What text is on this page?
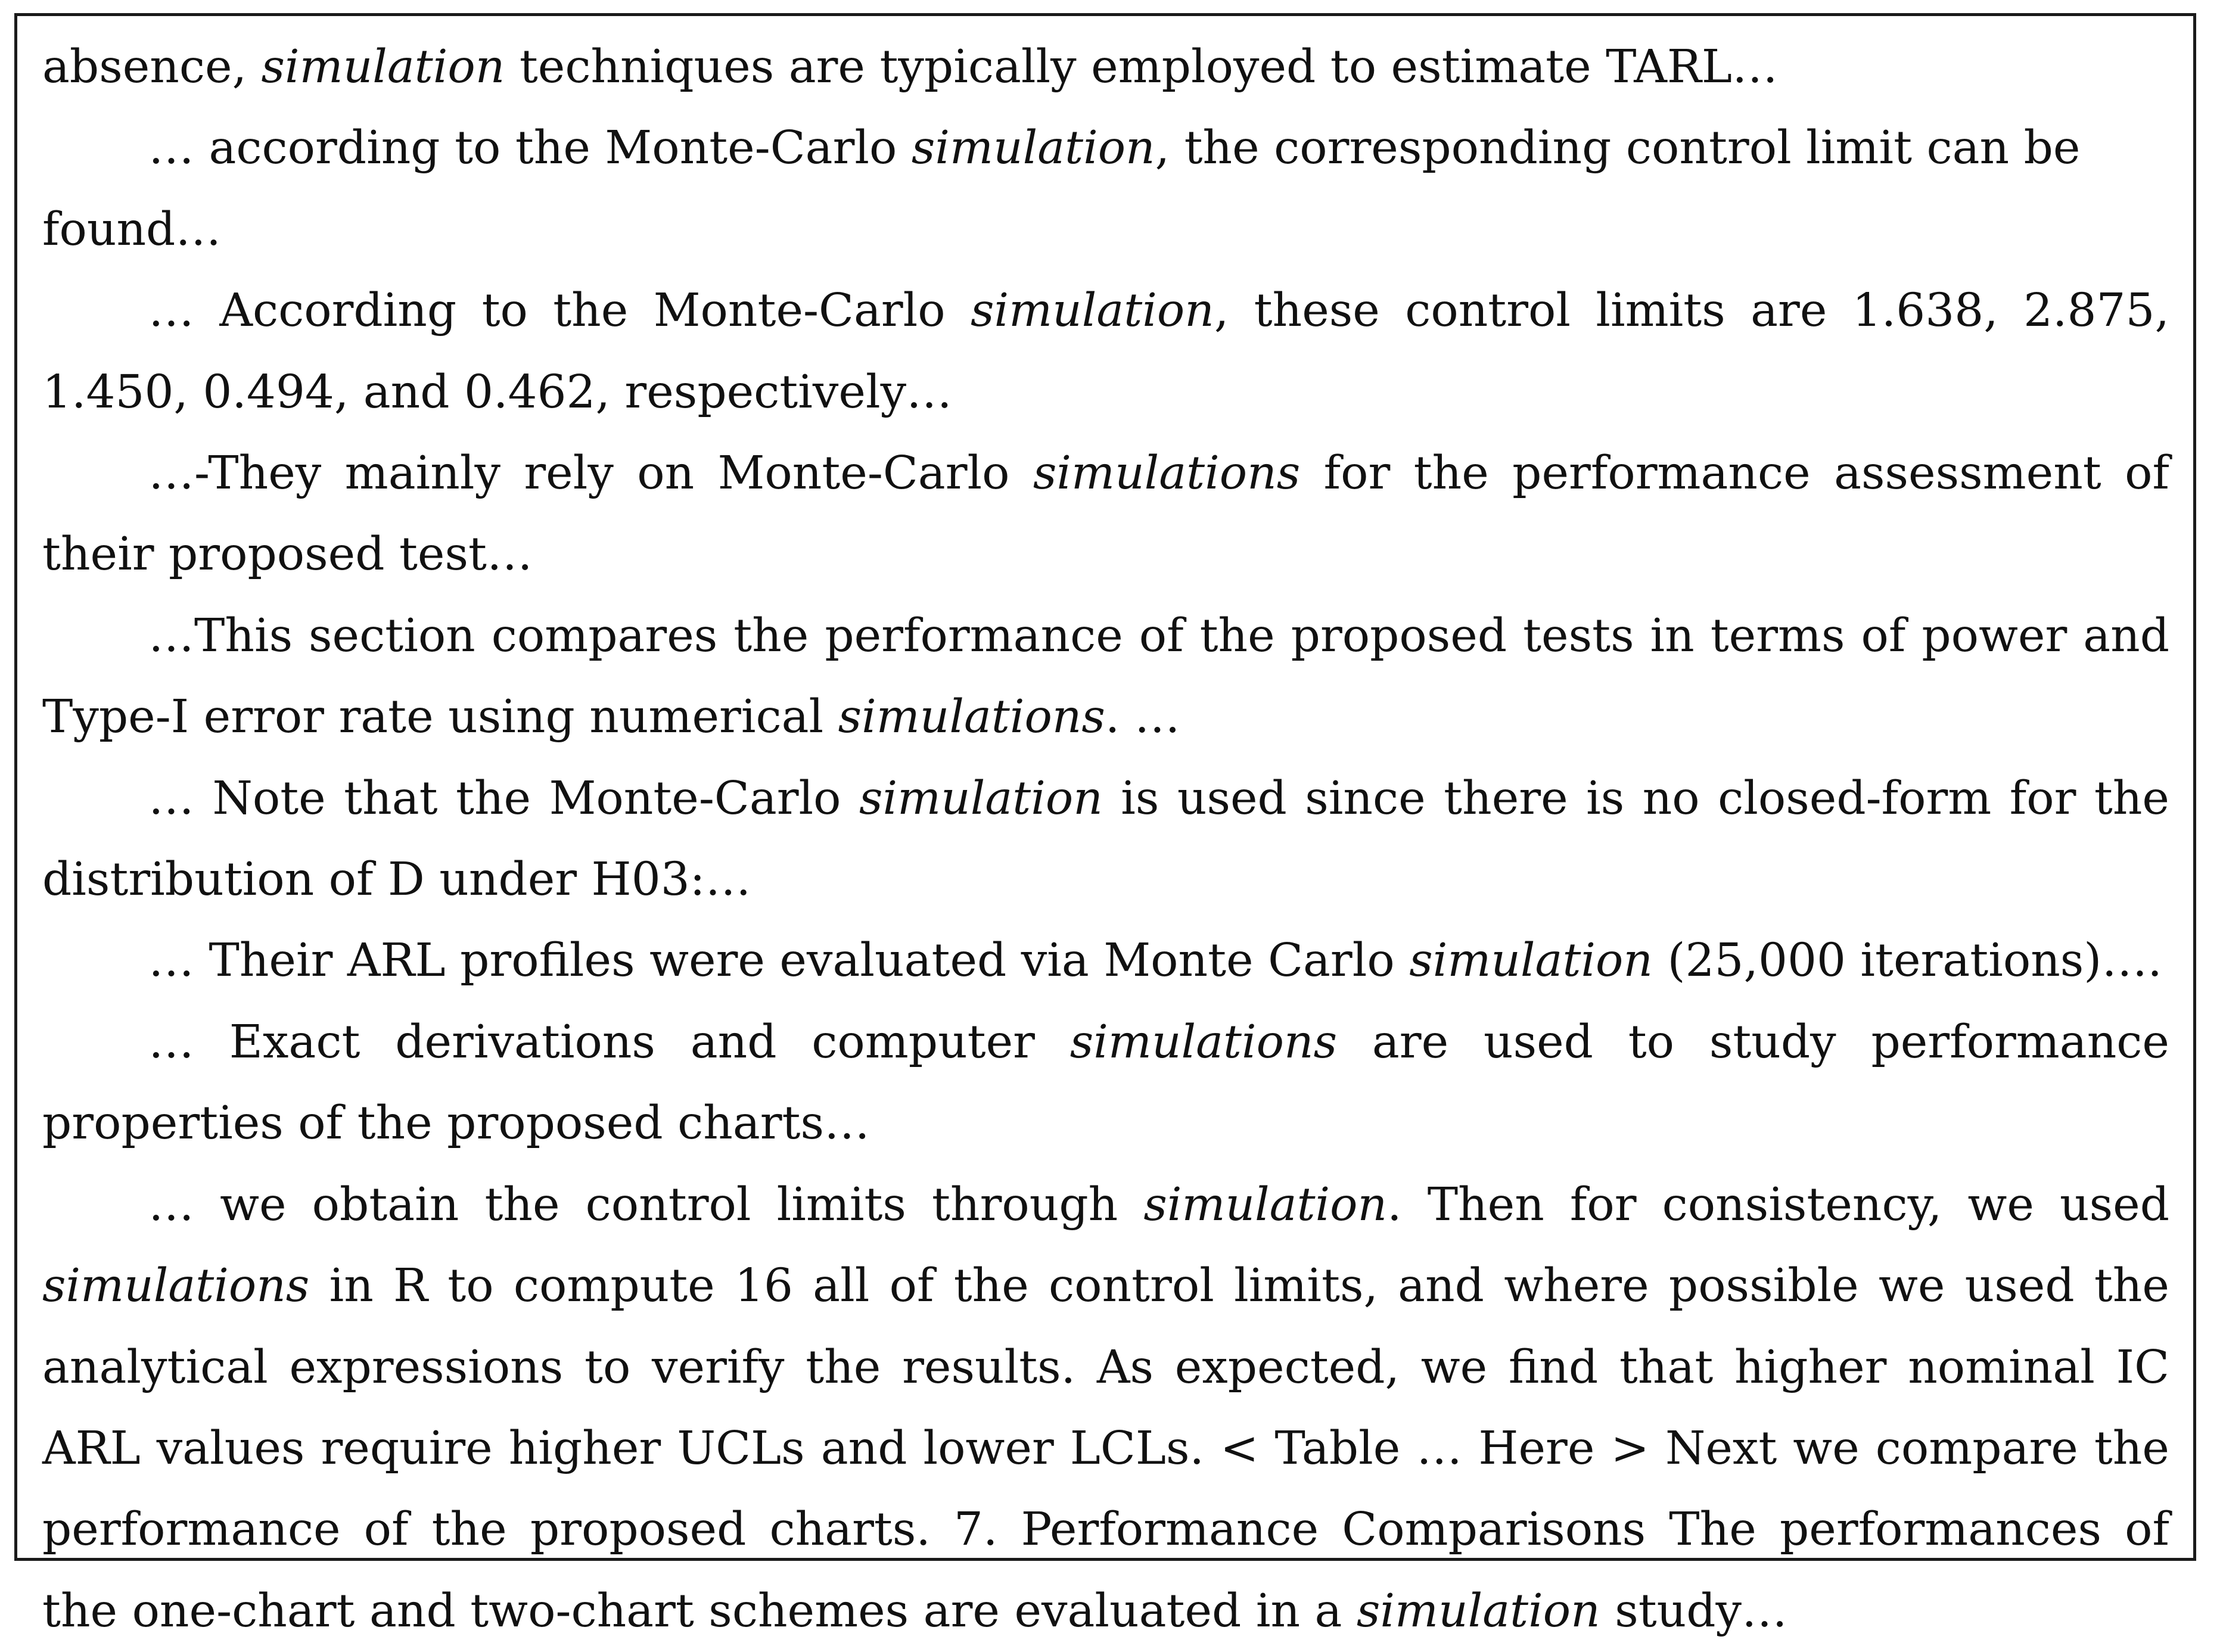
absence, simulation techniques are typically employed to estimate TARL…

… according to the Monte-Carlo simulation, the corresponding control limit can be found…

… According to the Monte-Carlo simulation, these control limits are 1.638, 2.875, 1.450, 0.494, and 0.462, respectively…

…-They mainly rely on Monte-Carlo simulations for the performance assessment of their proposed test…

…This section compares the performance of the proposed tests in terms of power and Type-I error rate using numerical simulations. …

… Note that the Monte-Carlo simulation is used since there is no closed-form for the distribution of D under H03:…

… Their ARL profiles were evaluated via Monte Carlo simulation (25,000 iterations)….

… Exact derivations and computer simulations are used to study performance properties of the proposed charts…

… we obtain the control limits through simulation. Then for consistency, we used simulations in R to compute 16 all of the control limits, and where possible we used the analytical expressions to verify the results. As expected, we find that higher nominal IC ARL values require higher UCLs and lower LCLs. < Table … Here > Next we compare the performance of the proposed charts. 7. Performance Comparisons The performances of the one-chart and two-chart schemes are evaluated in a simulation study…
